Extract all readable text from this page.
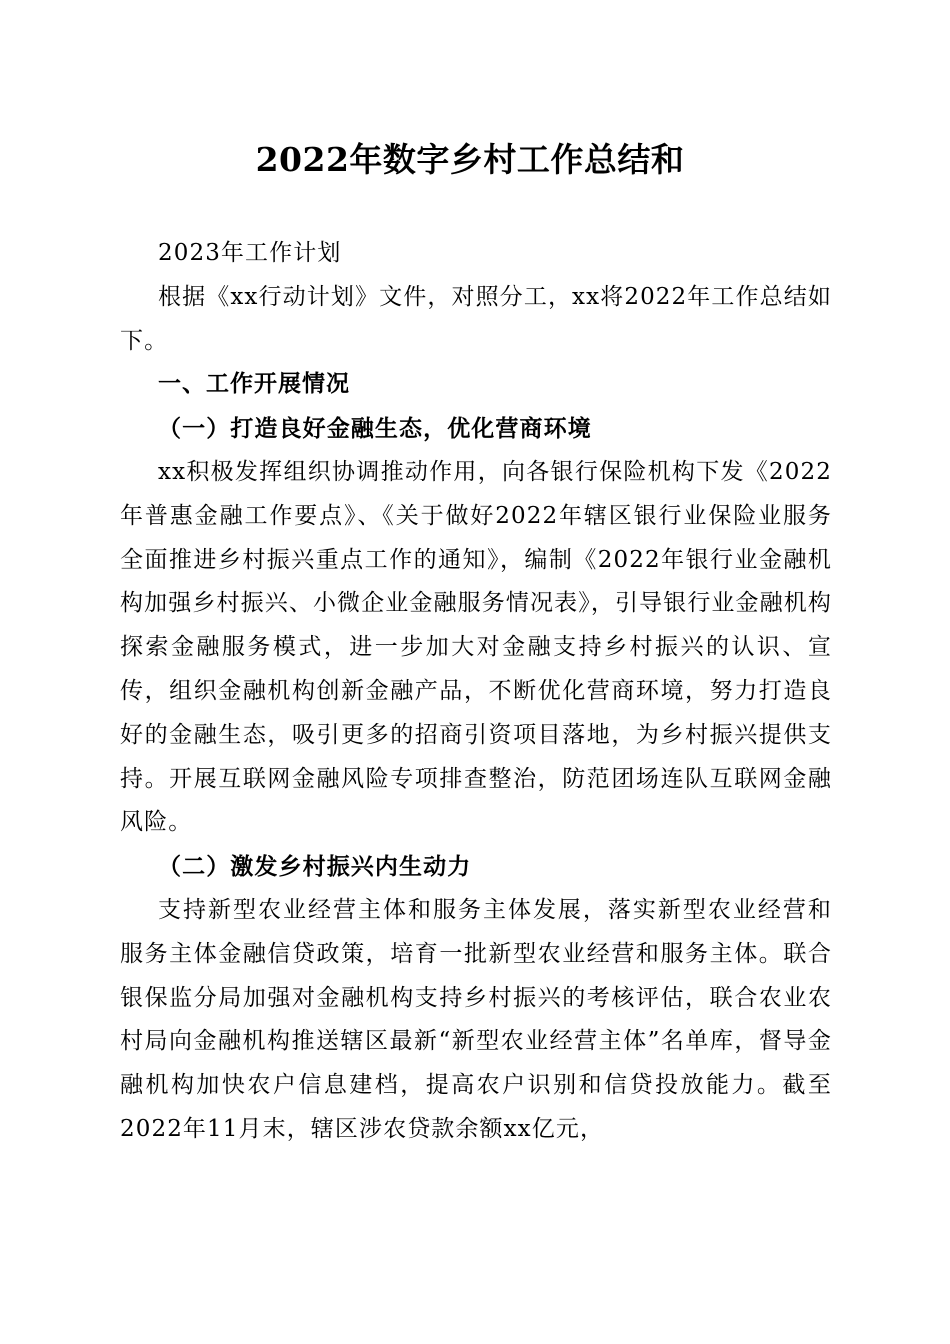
2022年数字乡村工作总结和

2023年工作计划

根据《xx行动计划》文件，对照分工，xx将2022年工作总结如下。

一、工作开展情况

（一）打造良好金融生态，优化营商环境

xx积极发挥组织协调推动作用，向各银行保险机构下发《2022年普惠金融工作要点》、《关于做好2022年辖区银行业保险业服务全面推进乡村振兴重点工作的通知》，编制《2022年银行业金融机构加强乡村振兴、小微企业金融服务情况表》，引导银行业金融机构探索金融服务模式，进一步加大对金融支持乡村振兴的认识、宣传，组织金融机构创新金融产品，不断优化营商环境，努力打造良好的金融生态，吸引更多的招商引资项目落地，为乡村振兴提供支持。开展互联网金融风险专项排查整治，防范团场连队互联网金融风险。

（二）激发乡村振兴内生动力

支持新型农业经营主体和服务主体发展，落实新型农业经营和服务主体金融信贷政策，培育一批新型农业经营和服务主体。联合银保监分局加强对金融机构支持乡村振兴的考核评估，联合农业农村局向金融机构推送辖区最新“新型农业经营主体”名单库，督导金融机构加快农户信息建档，提高农户识别和信贷投放能力。截至2022年11月末，辖区涉农贷款余额xx亿元，
